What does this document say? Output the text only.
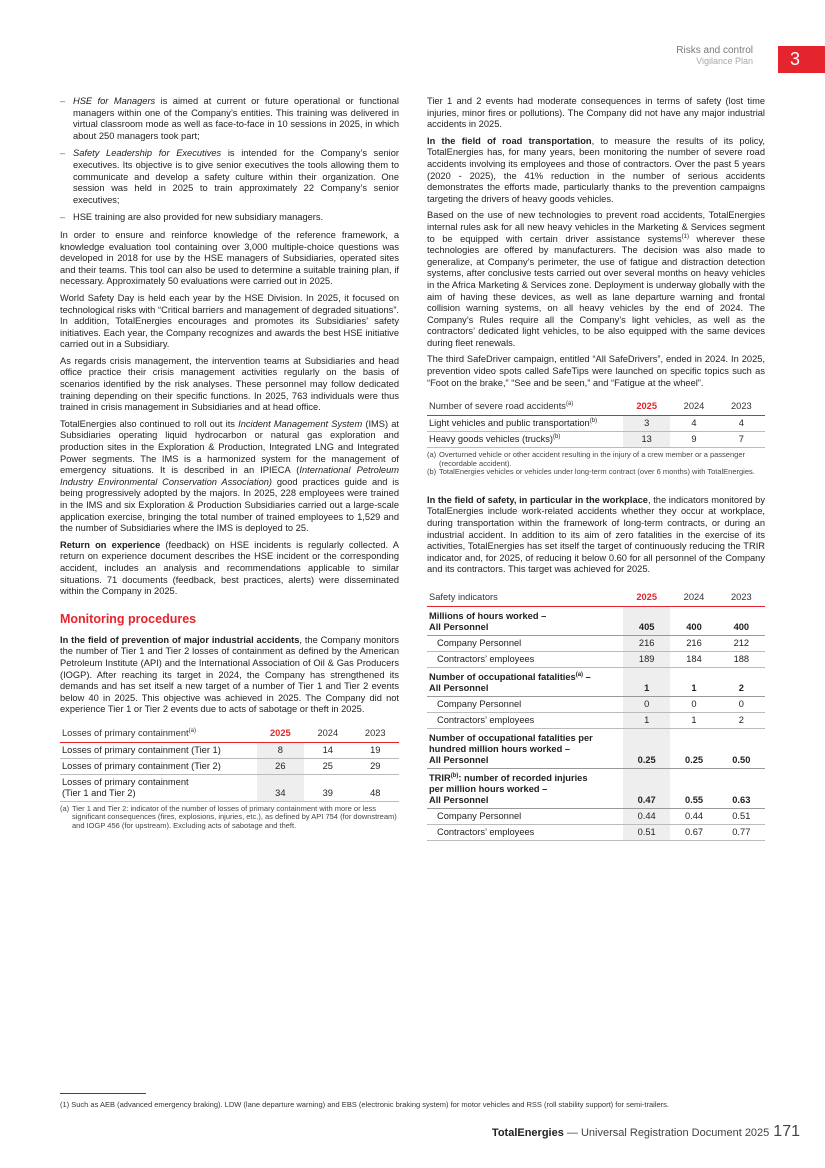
Risks and control
Vigilance Plan	3
– HSE for Managers is aimed at current or future operational or functional managers within one of the Company’s entities. This training was delivered in virtual classroom mode as well as face-to-face in 10 sessions in 2025, in which about 250 managers took part;
– Safety Leadership for Executives is intended for the Company’s senior executives. Its objective is to give senior executives the tools allowing them to communicate and develop a safety culture within their organization. One session was held in 2025 to train approximately 22 Company’s senior executives;
– HSE training are also provided for new subsidiary managers.

In order to ensure and reinforce knowledge of the reference framework, a knowledge evaluation tool containing over 3,000 multiple-choice questions was developed in 2018 for use by the HSE managers of Subsidiaries, operated sites and their teams. This tool can also be used to determine a suitable training plan, if necessary. Approximately 50 evaluations were carried out in 2025.

World Safety Day is held each year by the HSE Division. In 2025, it focused on technological risks with “Critical barriers and management of degraded situations”. In addition, TotalEnergies encourages and promotes its Subsidiaries’ safety initiatives. Each year, the Company recognizes and awards the best HSE initiative carried out in a Subsidiary.

As regards crisis management, the intervention teams at Subsidiaries and head office practice their crisis management activities regularly on the basis of scenarios identified by the risk analyses. These personnel may follow dedicated training depending on their specific functions. In 2025, 763 individuals were thus trained in crisis management in Subsidiaries and at head office.

TotalEnergies also continued to roll out its Incident Management System (IMS) at Subsidiaries operating liquid hydrocarbon or natural gas exploration and production sites in the Exploration & Production, Integrated LNG and Integrated Power segments. The IMS is a harmonized system for the management of emergency situations. It is described in an IPIECA (International Petroleum Industry Environmental Conservation Association) good practices guide and is being progressively adopted by the majors. In 2025, 228 employees were trained in the IMS and six Exploration & Production Subsidiaries carried out a large-scale application exercise, bringing the total number of trained employees to 1,529 and the number of Subsidiaries where the IMS is deployed to 25.

Return on experience (feedback) on HSE incidents is regularly collected. A return on experience document describes the HSE incident or the corresponding accident, includes an analysis and recommendations applicable to similar situations. 71 documents (feedback, best practices, alerts) were disseminated within the Company in 2025.

Monitoring procedures

In the field of prevention of major industrial accidents, the Company monitors the number of Tier 1 and Tier 2 losses of containment as defined by the American Petroleum Institute (API) and the International Association of Oil & Gas Producers (IOGP). After reaching its target in 2024, the Company has strengthened its demands and has set itself a new target of a number of Tier 1 and Tier 2 events below 40 in 2025. This objective was achieved in 2025. The Company did not experience Tier 1 or Tier 2 events due to acts of sabotage or theft in 2025.

Losses of primary containment$^{(a)}$	2025	2024	2023
Losses of primary containment (Tier 1)	8	14	19
Losses of primary containment (Tier 2)	26	25	29
Losses of primary containment
(Tier 1 and Tier 2)	34	39	48
(a) Tier 1 and Tier 2: indicator of the number of losses of primary containment with more or less significant consequences (fires, explosions, injuries, etc.), as defined by API 754 (for downstream) and IOGP 456 (for upstream). Excluding acts of sabotage and theft.

Tier 1 and 2 events had moderate consequences in terms of safety (lost time injuries, minor fires or pollutions). The Company did not have any major industrial accidents in 2025.

In the field of road transportation, to measure the results of its policy, TotalEnergies has, for many years, been monitoring the number of severe road accidents involving its employees and those of contractors. Over the past 5 years (2020 - 2025), the 41% reduction in the number of serious accidents demonstrates the efforts made, particularly thanks to the prevention campaigns targeting the drivers of heavy goods vehicles.

Based on the use of new technologies to prevent road accidents, TotalEnergies internal rules ask for all new heavy vehicles in the Marketing & Services segment to be equipped with certain driver assistance systems$^{(1)}$ wherever these technologies are offered by manufacturers. The decision was also made to generalize, at Company’s perimeter, the use of fatigue and distraction detection systems, after conclusive tests carried out over several months on heavy vehicles in the Africa Marketing & Services zone. Deployment is underway globally with the aim of having these devices, as well as lane departure warning and frontal collision warning systems, on all heavy vehicles by the end of 2024. The Company’s Rules require all the Company’s light vehicles, as well as the contractors’ dedicated light vehicles, to be also equipped with the same devices during fleet renewals.

The third SafeDriver campaign, entitled “All SafeDrivers”, ended in 2024. In 2025, prevention video spots called SafeTips were launched on specific topics such as “Foot on the brake,” “See and be seen,” and “Fatigue at the wheel”.

Number of severe road accidents$^{(a)}$	2025	2024	2023
Light vehicles and public transportation$^{(b)}$	3	4	4
Heavy goods vehicles (trucks)$^{(b)}$	13	9	7
(a) Overturned vehicle or other accident resulting in the injury of a crew member or a passenger (recordable accident).
(b) TotalEnergies vehicles or vehicles under long-term contract (over 6 months) with TotalEnergies.

In the field of safety, in particular in the workplace, the indicators monitored by TotalEnergies include work-related accidents whether they occur at workplace, during transportation within the framework of long-term contracts, or during an industrial accident. In addition to its aim of zero fatalities in the exercise of its activities, TotalEnergies has set itself the target of continuously reducing the TRIR indicator and, for 2025, of reducing it below 0.60 for all personnel of the Company and its contractors. This target was achieved for 2025.

Safety indicators	2025	2024	2023
Millions of hours worked –
All Personnel	405	400	400
Company Personnel	216	216	212
Contractors’ employees	189	184	188
Number of occupational fatalities$^{(a)}$ –
All Personnel	1	1	2
Company Personnel	0	0	0
Contractors’ employees	1	1	2
Number of occupational fatalities per
hundred million hours worked –
All Personnel	0.25	0.25	0.50
TRIR$^{(b)}$: number of recorded injuries
per million hours worked –
All Personnel	0.47	0.55	0.63
Company Personnel	0.44	0.44	0.51
Contractors’ employees	0.51	0.67	0.77
(1) Such as AEB (advanced emergency braking). LDW (lane departure warning) and EBS (electronic braking system) for motor vehicles and RSS (roll stability support) for semi-trailers.
TotalEnergies — Universal Registration Document 2025 171
